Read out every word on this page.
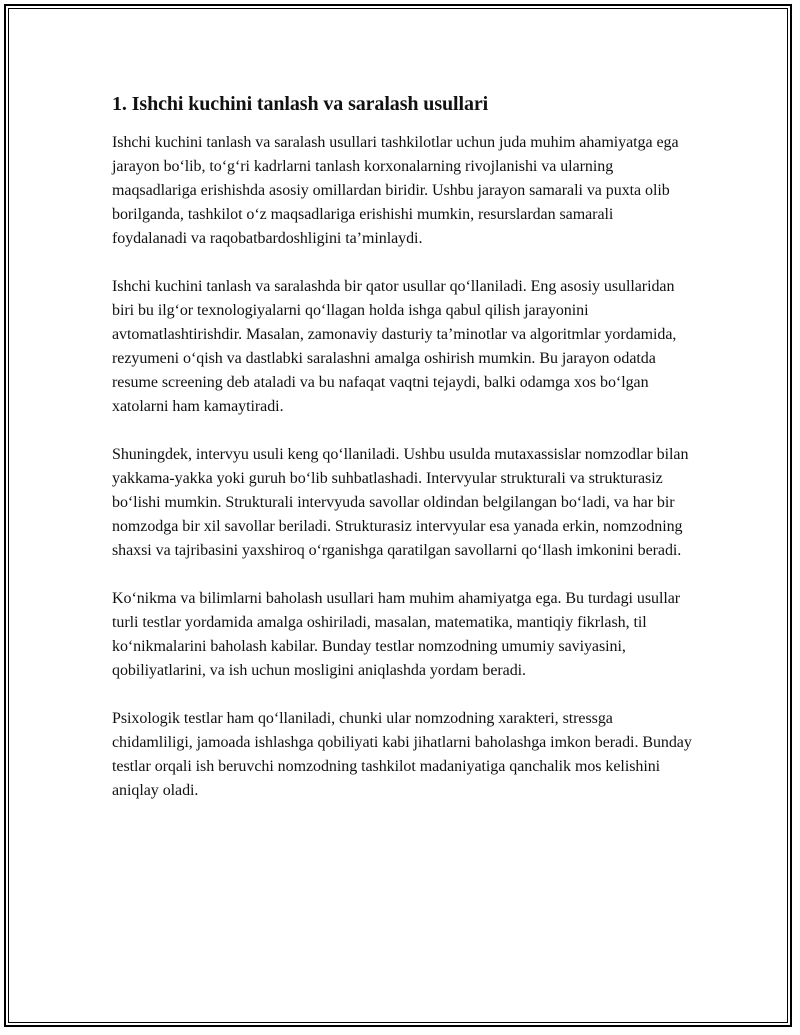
1. Ishchi kuchini tanlash va saralash usullari

Ishchi kuchini tanlash va saralash usullari tashkilotlar uchun juda muhim ahamiyatga ega jarayon bo‘lib, to‘g‘ri kadrlarni tanlash korxonalarning rivojlanishi va ularning maqsadlariga erishishda asosiy omillardan biridir. Ushbu jarayon samarali va puxta olib borilganda, tashkilot o‘z maqsadlariga erishishi mumkin, resurslardan samarali foydalanadi va raqobatbardoshligini ta’minlaydi.

Ishchi kuchini tanlash va saralashda bir qator usullar qo‘llaniladi. Eng asosiy usullaridan biri bu ilg‘or texnologiyalarni qo‘llagan holda ishga qabul qilish jarayonini avtomatlashtirishdir. Masalan, zamonaviy dasturiy ta’minotlar va algoritmlar yordamida, rezyumeni o‘qish va dastlabki saralashni amalga oshirish mumkin. Bu jarayon odatda resume screening deb ataladi va bu nafaqat vaqtni tejaydi, balki odamga xos bo‘lgan xatolarni ham kamaytiradi.

Shuningdek, intervyu usuli keng qo‘llaniladi. Ushbu usulda mutaxassislar nomzodlar bilan yakkama-yakka yoki guruh bo‘lib suhbatlashadi. Intervyular strukturali va strukturasiz bo‘lishi mumkin. Strukturali intervyuda savollar oldindan belgilangan bo‘ladi, va har bir nomzodga bir xil savollar beriladi. Strukturasiz intervyular esa yanada erkin, nomzodning shaxsi va tajribasini yaxshiroq o‘rganishga qaratilgan savollarni qo‘llash imkonini beradi.

Ko‘nikma va bilimlarni baholash usullari ham muhim ahamiyatga ega. Bu turdagi usullar turli testlar yordamida amalga oshiriladi, masalan, matematika, mantiqiy fikrlash, til ko‘nikmalarini baholash kabilar. Bunday testlar nomzodning umumiy saviyasini, qobiliyatlarini, va ish uchun mosligini aniqlashda yordam beradi.

Psixologik testlar ham qo‘llaniladi, chunki ular nomzodning xarakteri, stressga chidamliligi, jamoada ishlashga qobiliyati kabi jihatlarni baholashga imkon beradi. Bunday testlar orqali ish beruvchi nomzodning tashkilot madaniyatiga qanchalik mos kelishini aniqlay oladi.
